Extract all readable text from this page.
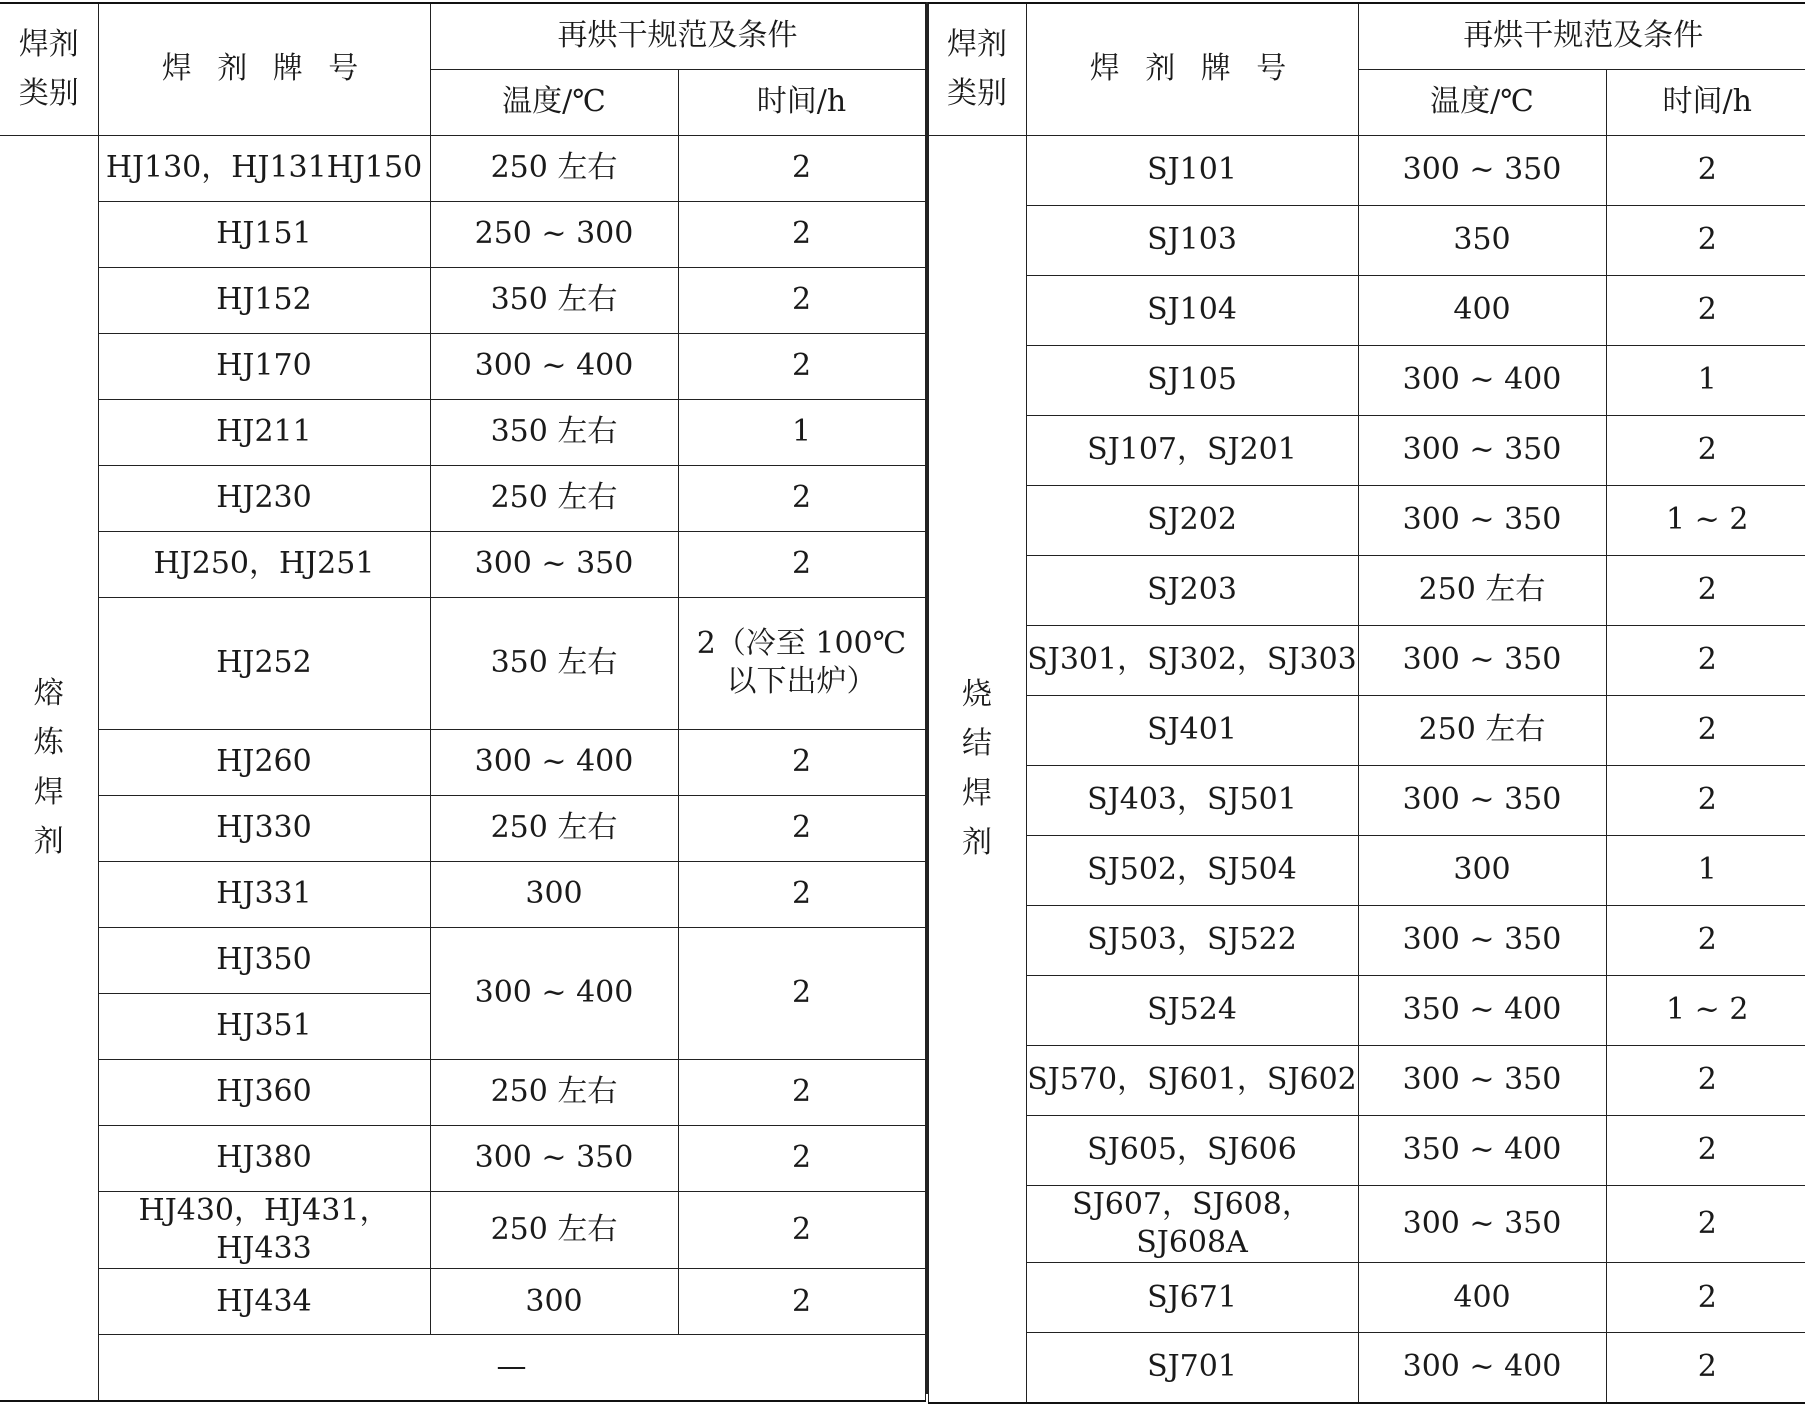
焊剂
类别	焊 剂 牌 号	再烘干规范及条件	
		温度/℃	时间/h

熔
炼
焊
剂	HJ130，HJ131HJ150	250 左右	2
	HJ151	250 ~ 300	2
	HJ152	350 左右	2
	HJ170	300 ~ 400	2
	HJ211	350 左右	1
	HJ230	250 左右	2
	HJ250，HJ251	300 ~ 350	2
	HJ252	350 左右	2（冷至 100℃
以下出炉）
	HJ260	300 ~ 400	2
	HJ330	250 左右	2
	HJ331	300	2
	HJ350	300 ~ 400	2
	HJ351		
	HJ360	250 左右	2
	HJ380	300 ~ 350	2
	HJ430，HJ431，HJ433	250 左右	2
	HJ434	300	2
	—		
焊剂
类别	焊 剂 牌 号	再烘干规范及条件	
		温度/℃	时间/h

烧
结
焊
剂	SJ101	300 ~ 350	2
	SJ103	350	2
	SJ104	400	2
	SJ105	300 ~ 400	1
	SJ107，SJ201	300 ~ 350	2
	SJ202	300 ~ 350	1 ~ 2
	SJ203	250 左右	2
	SJ301，SJ302，SJ303	300 ~ 350	2
	SJ401	250 左右	2
	SJ403，SJ501	300 ~ 350	2
	SJ502，SJ504	300	1
	SJ503，SJ522	300 ~ 350	2
	SJ524	350 ~ 400	1 ~ 2
	SJ570，SJ601，SJ602	300 ~ 350	2
	SJ605，SJ606	350 ~ 400	2
	SJ607，SJ608，SJ608A	300 ~ 350	2
	SJ671	400	2
	SJ701	300 ~ 400	2
